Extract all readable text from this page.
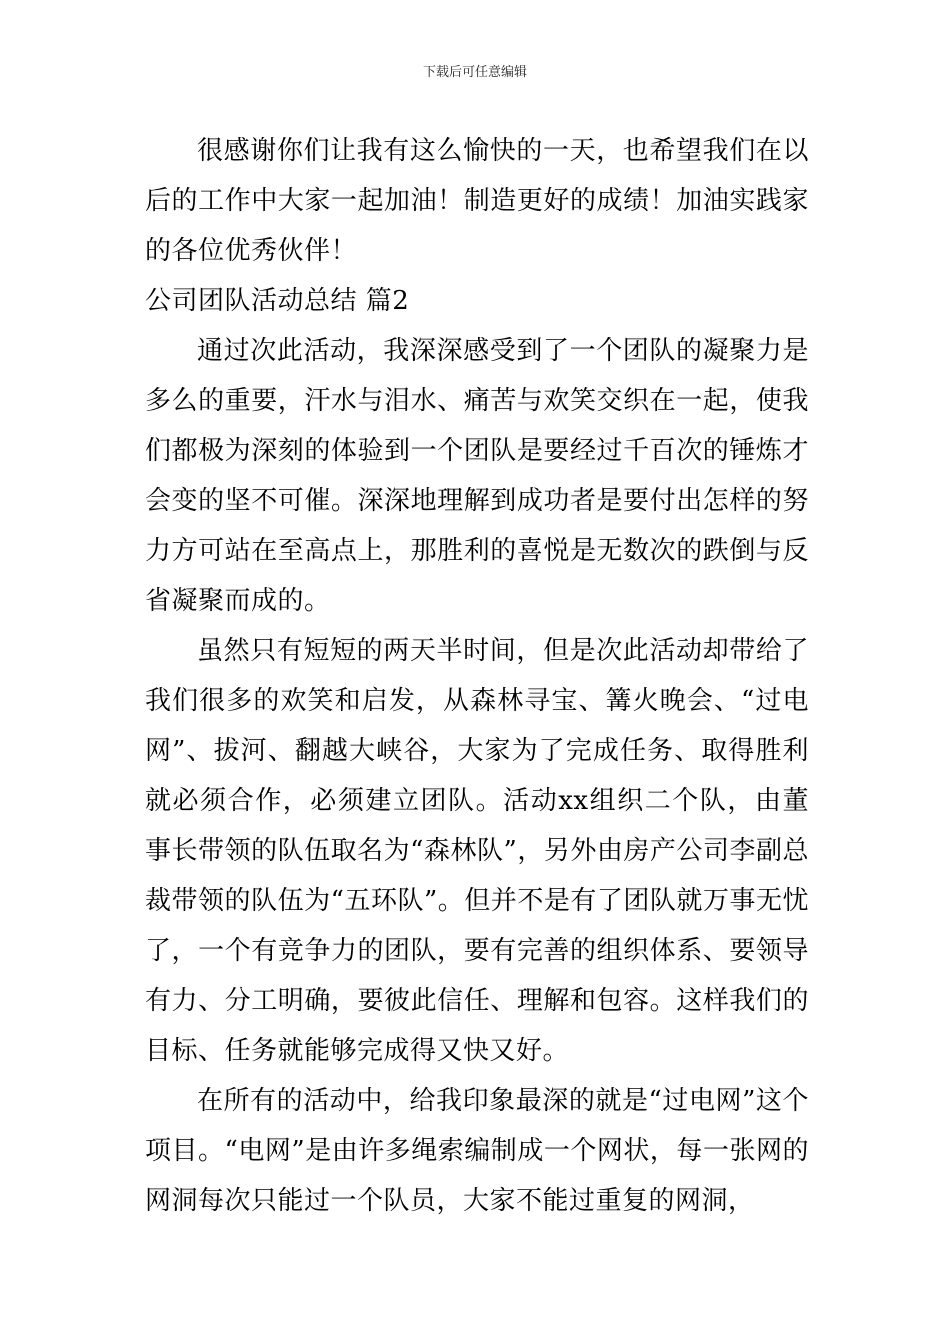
下载后可任意编辑

很感谢你们让我有这么愉快的一天，也希望我们在以后的工作中大家一起加油！制造更好的成绩！加油实践家的各位优秀伙伴！

公司团队活动总结 篇2

通过次此活动，我深深感受到了一个团队的凝聚力是多么的重要，汗水与泪水、痛苦与欢笑交织在一起，使我们都极为深刻的体验到一个团队是要经过千百次的锤炼才会变的坚不可催。深深地理解到成功者是要付出怎样的努力方可站在至高点上，那胜利的喜悦是无数次的跌倒与反省凝聚而成的。

虽然只有短短的两天半时间，但是次此活动却带给了我们很多的欢笑和启发，从森林寻宝、篝火晚会、“过电网”、拔河、翻越大峡谷，大家为了完成任务、取得胜利就必须合作，必须建立团队。活动xx组织二个队，由董事长带领的队伍取名为“森林队”，另外由房产公司李副总裁带领的队伍为“五环队”。但并不是有了团队就万事无忧了，一个有竞争力的团队，要有完善的组织体系、要领导有力、分工明确，要彼此信任、理解和包容。这样我们的目标、任务就能够完成得又快又好。

在所有的活动中，给我印象最深的就是“过电网”这个项目。“电网”是由许多绳索编制成一个网状，每一张网的网洞每次只能过一个队员，大家不能过重复的网洞，
